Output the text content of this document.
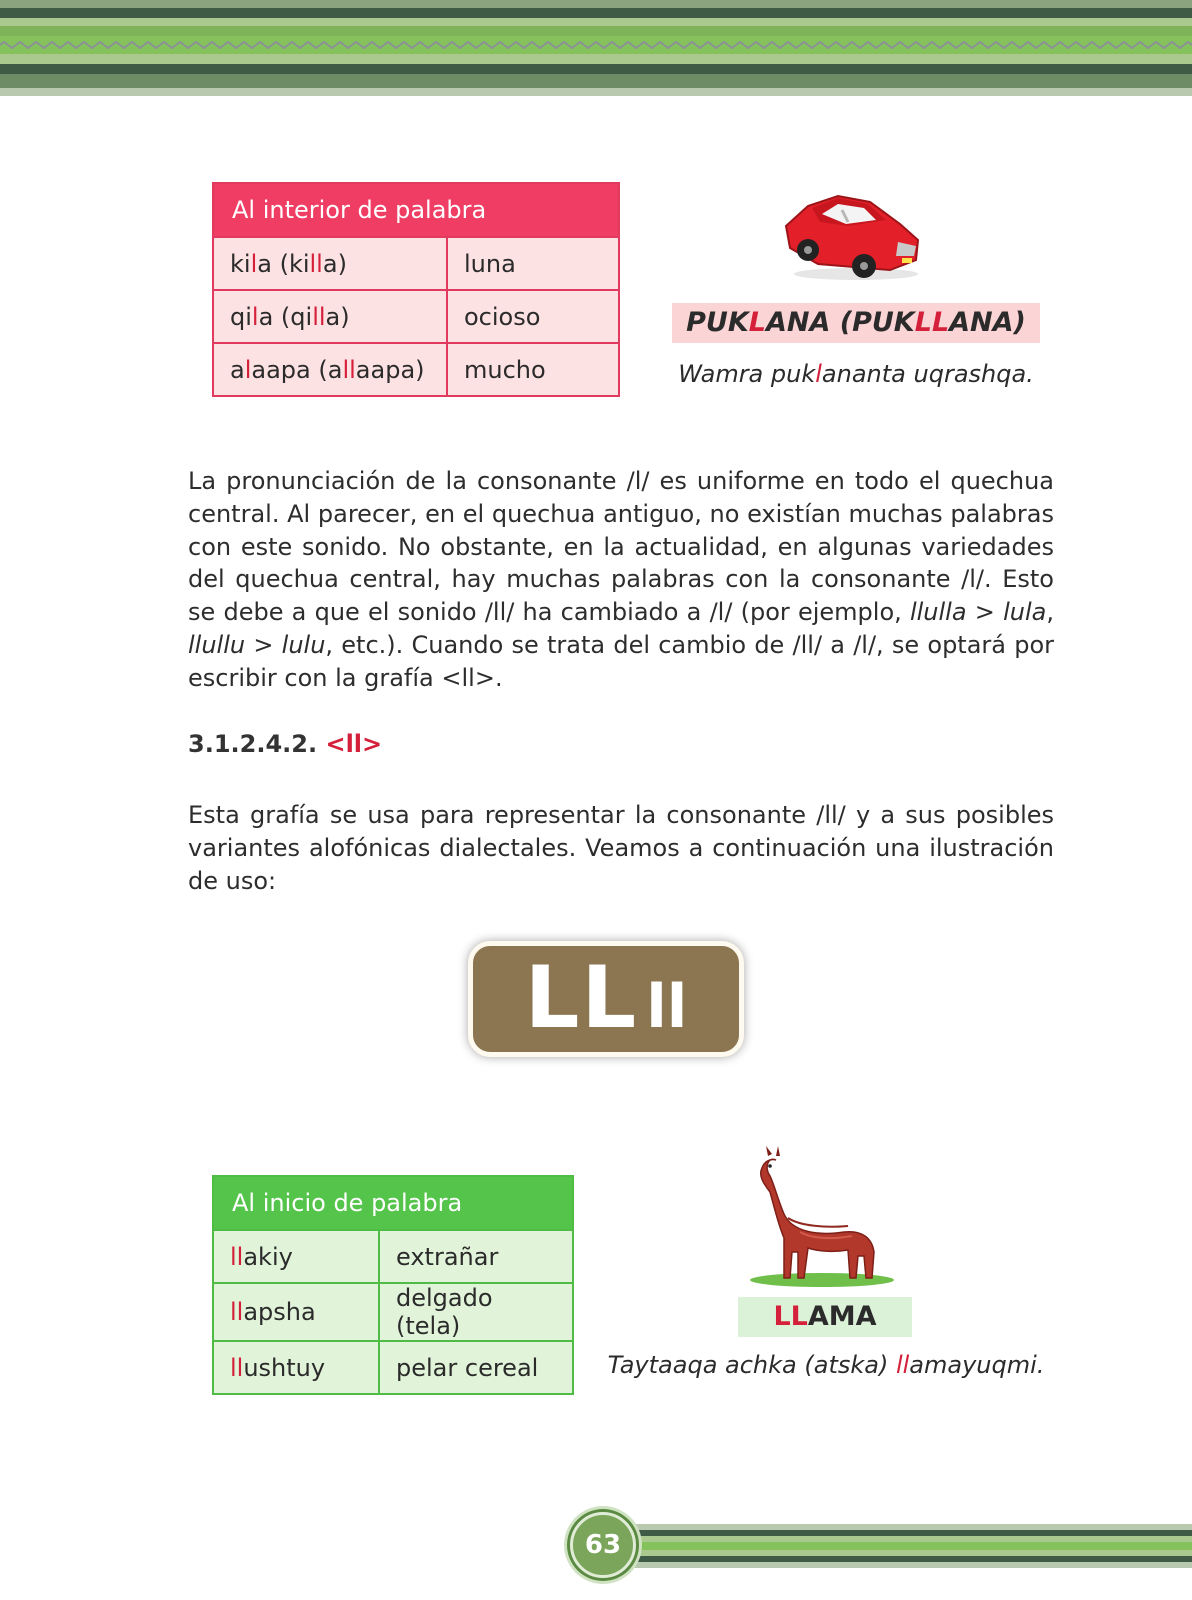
Al interior de palabra	
kila (killa)	luna
qila (qilla)	ocioso
alaapa (allaapa)	mucho
PUKLANA (PUKLLANA)
Wamra puklananta uqrashqa.
La pronunciación de la consonante /l/ es uniforme en todo el quechua central. Al parecer, en el quechua antiguo, no existían muchas palabras con este sonido. No obstante, en la actualidad, en algunas variedades del quechua central, hay muchas palabras con la consonante /l/. Esto se debe a que el sonido /ll/ ha cambiado a /l/ (por ejemplo, llulla > lula, llullu > lulu, etc.). Cuando se trata del cambio de /ll/ a /l/, se optará por escribir con la grafía <ll>.
3.1.2.4.2. <ll>
Esta grafía se usa para representar la consonante /ll/ y a sus posibles variantes alofónicas dialectales. Veamos a continuación una ilustración de uso:
LL ll
Al inicio de palabra	
llakiy	extrañar
llapsha	delgado (tela)
llushtuy	pelar cereal
LLAMA
Taytaaqa achka (atska) llamayuqmi.
63
